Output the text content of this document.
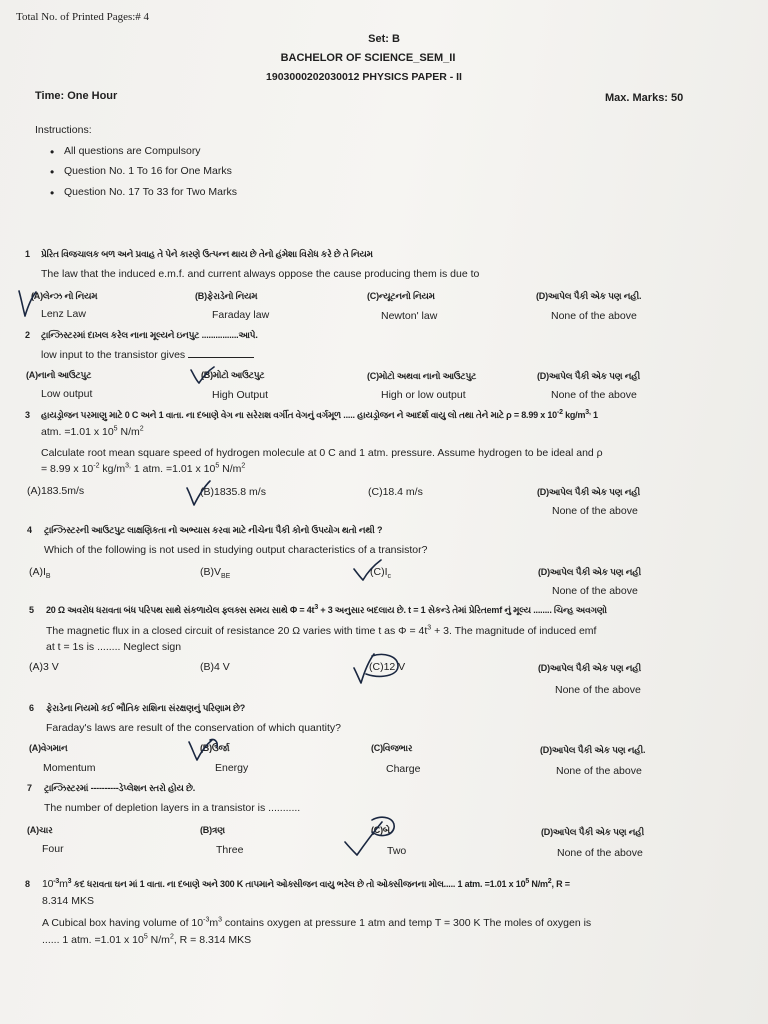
Total No. of Printed Pages:# 4
Set: B
BACHELOR OF SCIENCE_SEM_II
1903000202030012 PHYSICS PAPER - II
Time: One Hour	Max. Marks: 50
Instructions:
• All questions are Compulsory
• Question No. 1 To 16 for One Marks
• Question No. 17 To 33 for Two Marks
1 પ્રેરિત વિજચાલક બળ અને પ્રવાહ તે પેને કારણે ઉત્પન્ન થાય છે તેનો હંમેશા વિરોધ કરે છે તે નિયમ
The law that the induced e.m.f. and current always oppose the cause producing them is due to
(A)લેન્ઝ નો નિયમ	(B)ફેરાડેનો નિયમ	(C)ન્યૂટનનો નિયમ	(D)આપેલ પૈકી એક પણ નહી.
Lenz Law	Faraday law	Newton' law	None of the above
2 ટ્રાન્ઝિસ્ટરમાં દાખલ કરેલ નાના મૂલ્યને ઇનપુટ ................આપે.
low input to the transistor gives
(A)નાનો આઉટપુટ	(B)મોટો આઉટપુટ	(C)મોટો અથવા નાનો આઉટપુટ	(D)આપેલ પૈકી એક પણ નહી
Low output	High Output	High or low output	None of the above
3 હાયડ્રોજન પરમાણુ માટે 0 C અને 1 વાતા. ના દબાણે વેગ ના સરેરાશ વર્ગીત વેગનું વર્ગમૂળ ..... હાયડ્રોજન ને આદર્શ વાયુ લો તથા તેને માટે ρ = 8.99 x $10^{-2}$ $kg/m^{3,}$ 1
atm. =1.01 x $10^5$ $N/m^2$
Calculate root mean square speed of hydrogen molecule at 0 C and 1 atm. pressure. Assume hydrogen to be ideal and ρ
= 8.99 x $10^{-2}$ $kg/m^{3,}$ 1 atm. =1.01 x $10^5$ $N/m^2$
(A)183.5m/s	(B)1835.8 m/s	(C)18.4 m/s	(D)આપેલ પૈકી એક પણ નહી
None of the above
4 ટ્રાન્ઝિસ્ટરની આઉટપુટ લાક્ષણિકતા નો અભ્યાસ કરવા માટે નીચેના પૈકી કોનો ઉપયોગ થતો નથી ?
Which of the following is not used in studying output characteristics of a transistor?
$(A)I_B$	$(B)V_{BE}$	$(C)I_c$	(D)આપેલ પૈકી એક પણ નહી
None of the above
5 20 Ω અવરોધ ધરાવતા બંધ પરિપથ સાથે સંકળાયેલ ફ્લક્સ સમય સાથે $\Phi = 4t^3 + 3$ અનુસાર બદલાય છે. t = 1 સેકન્ડે તેમાં પ્રેરિતemf નું મૂલ્ય ........ ચિન્હ અવગણો
The magnetic flux in a closed circuit of resistance 20 Ω varies with time t as $\Phi = 4t^3 + 3$. The magnitude of induced emf
at t = 1s is ........ Neglect sign
(A)3 V	(B)4 V	(C)12 V	(D)આપેલ પૈકી એક પણ નહી
None of the above
6 ફેરાડેના નિયમો કઈ ભૌતિક રાશિના સંરક્ષણનું પરિણામ છે?
Faraday's laws are result of the conservation of which quantity?
(A)વેગમાન	(B)ઉર્જા	(C)વિજભાર	(D)આપેલ પૈકી એક પણ નહી.
Momentum	Energy	Charge	None of the above
7 ટ્રાન્ઝિસ્ટરમાં ----------ડેપ્લેશન સ્તરો હોય છે.
The number of depletion layers in a transistor is ...........
(A)ચાર	(B)ત્રણ	(C)બે	(D)આપેલ પૈકી એક પણ નહી
Four	Three	Two	None of the above
8 $10^{-3}m^3$ કદ ધરાવતા ઘન માં 1 વાતા. ના દબાણે અને 300 K તાપમાને ઓક્સીજન વાયુ ભરેલ છે તો ઓક્સીજનના મોલ..... 1 atm. =1.01 x $10^5$ $N/m^2$, R =
8.314 MKS
A Cubical box having volume of $10^{-3}m^3$ contains oxygen at pressure 1 atm and temp T = 300 K The moles of oxygen is
...... 1 atm. =1.01 x $10^5$ $N/m^2$, R = 8.314 MKS
